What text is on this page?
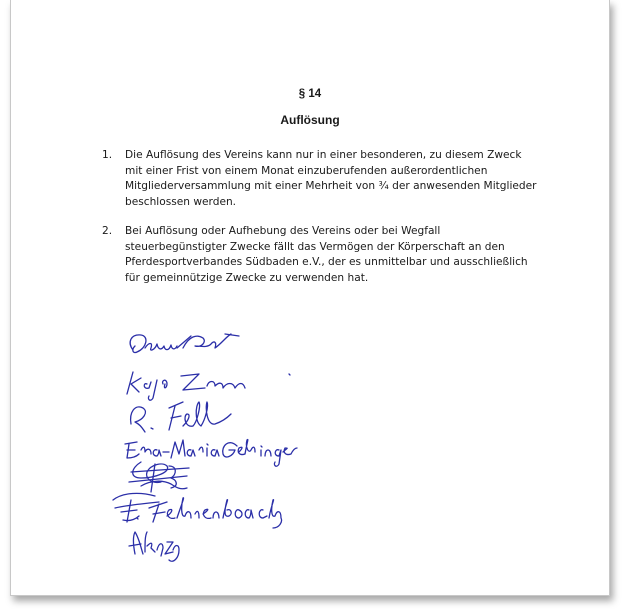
§ 14
Auflösung
1. Die Auflösung des Vereins kann nur in einer besonderen, zu diesem Zweck
mit einer Frist von einem Monat einzuberufenden außerordentlichen
Mitgliederversammlung mit einer Mehrheit von ¾ der anwesenden Mitglieder
beschlossen werden.
2. Bei Auflösung oder Aufhebung des Vereins oder bei Wegfall
steuerbegünstigter Zwecke fällt das Vermögen der Körperschaft an den
Pferdesportverbandes Südbaden e.V., der es unmittelbar und ausschließlich
für gemeinnützige Zwecke zu verwenden hat.
